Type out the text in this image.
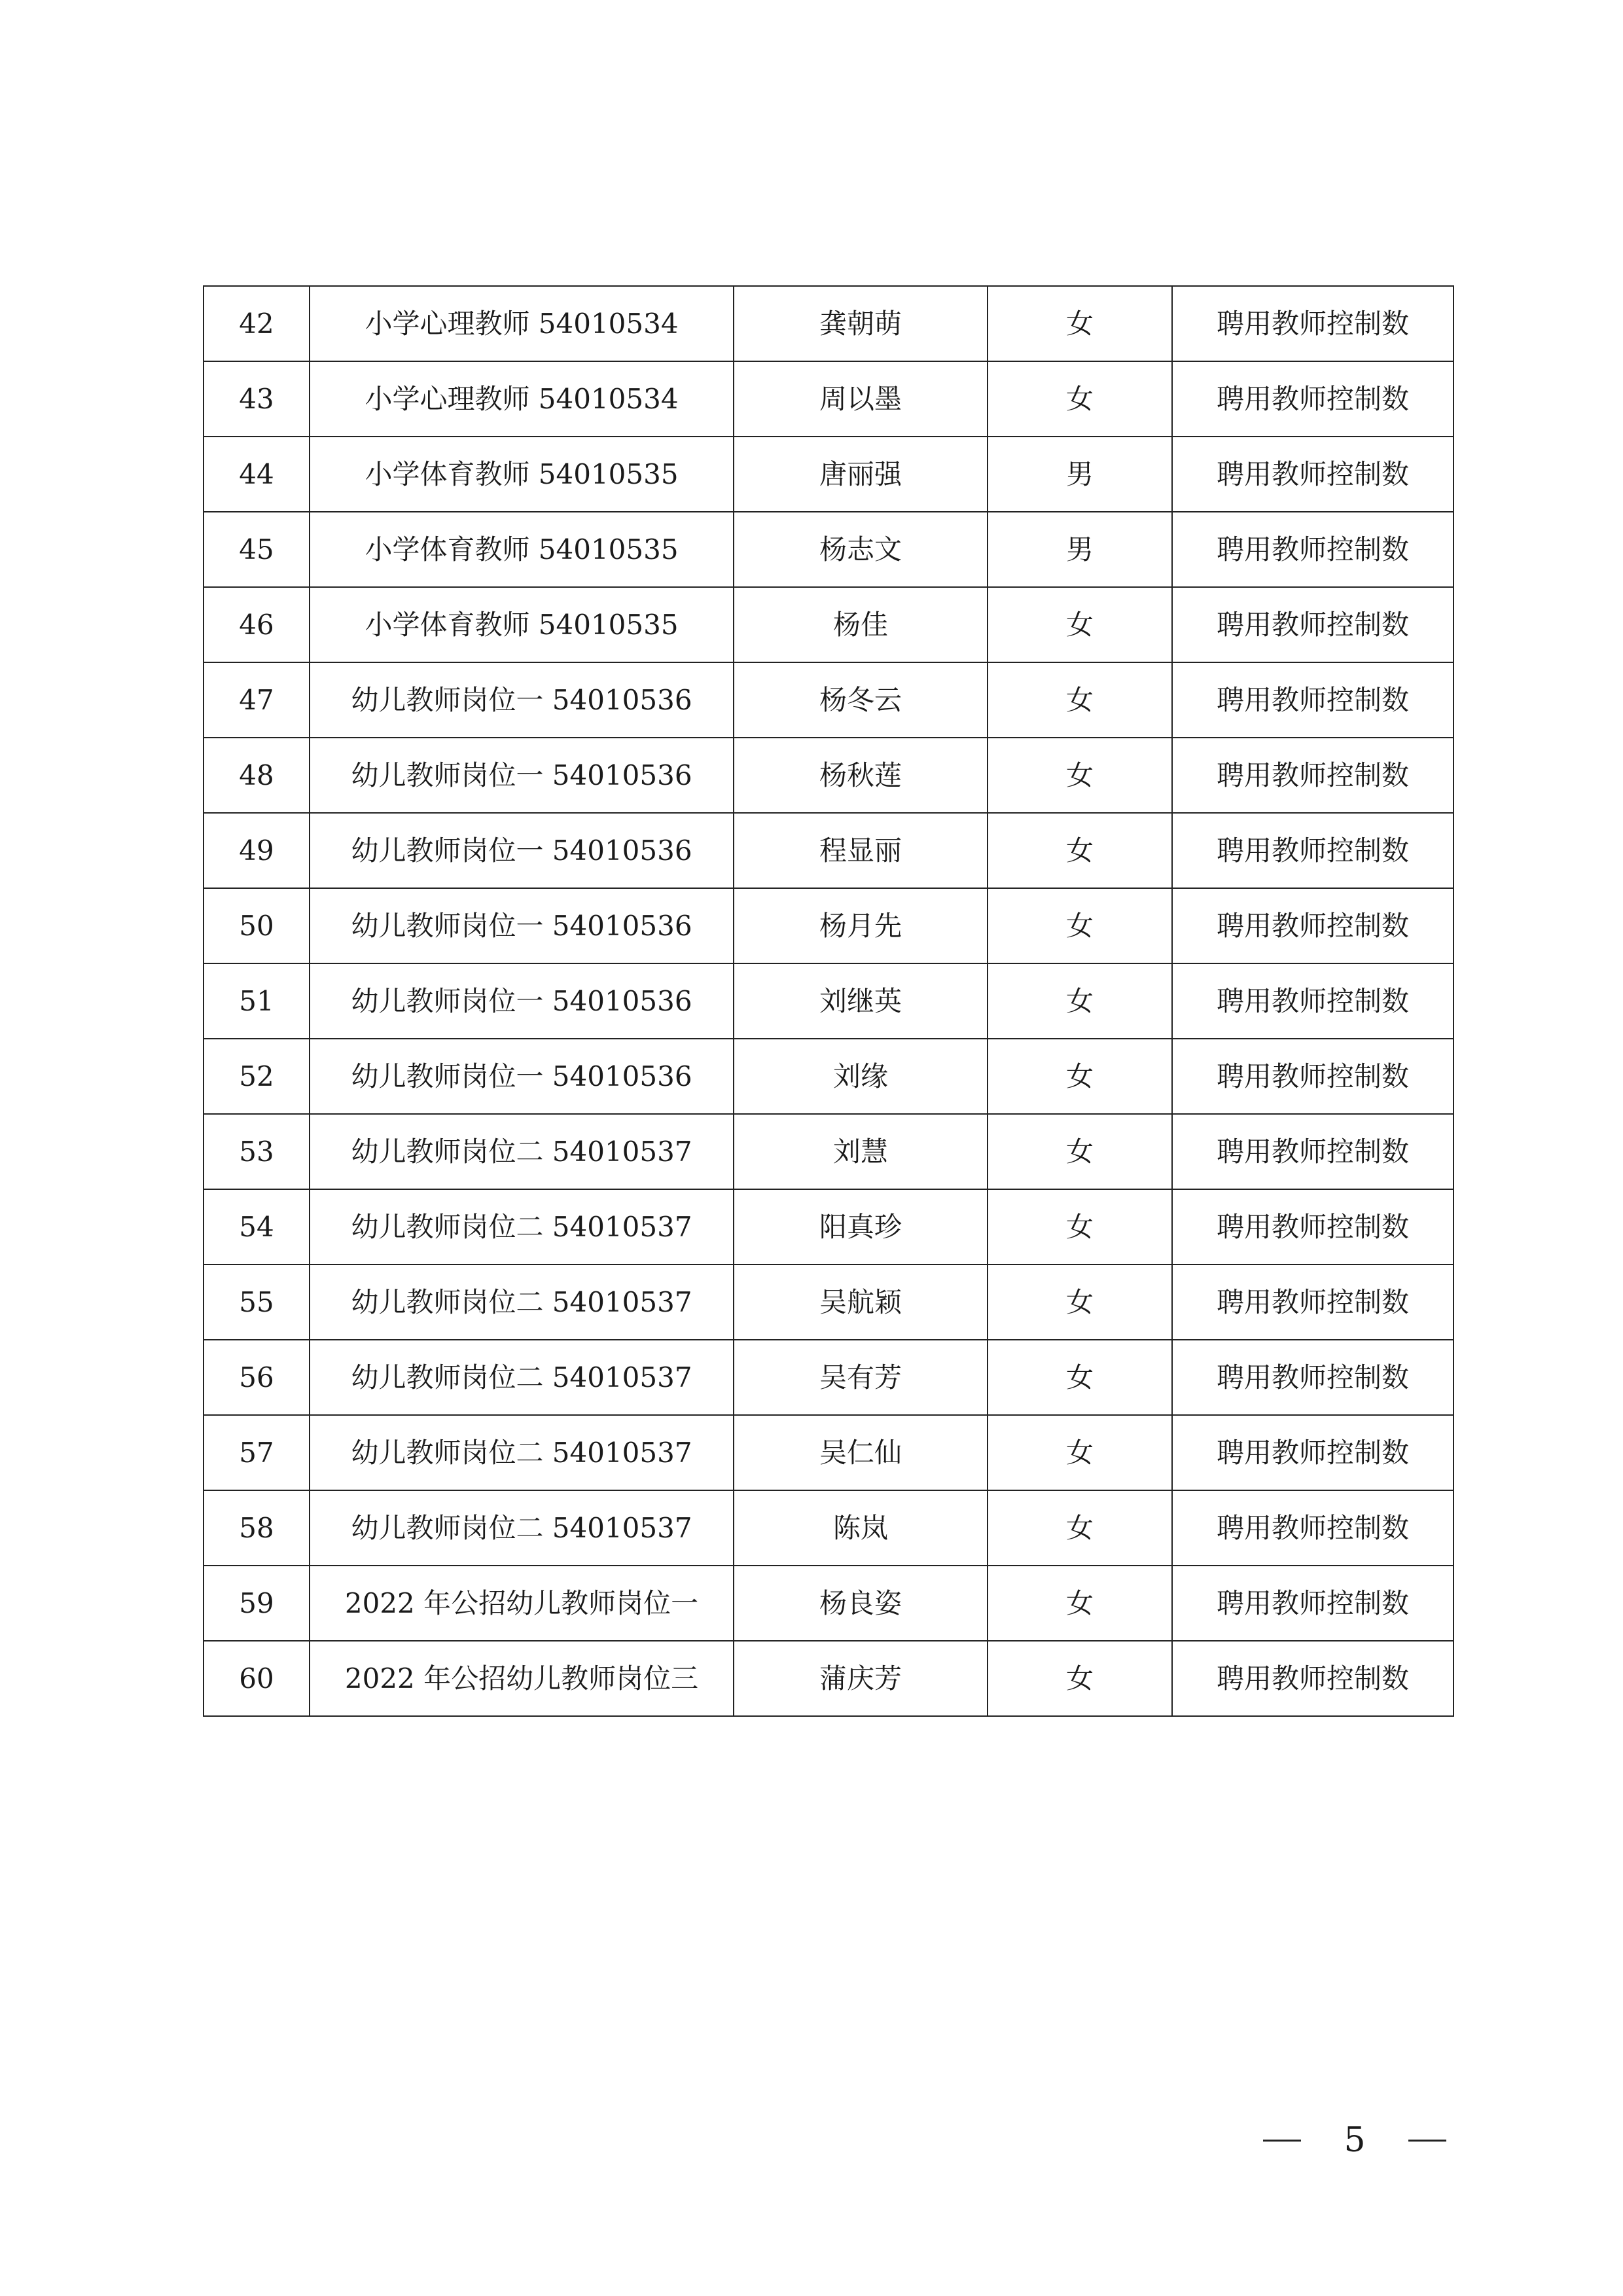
42	小学心理教师 54010534	龚朝萌	女	聘用教师控制数
43	小学心理教师 54010534	周以墨	女	聘用教师控制数
44	小学体育教师 54010535	唐丽强	男	聘用教师控制数
45	小学体育教师 54010535	杨志文	男	聘用教师控制数
46	小学体育教师 54010535	杨佳	女	聘用教师控制数
47	幼儿教师岗位一 54010536	杨冬云	女	聘用教师控制数
48	幼儿教师岗位一 54010536	杨秋莲	女	聘用教师控制数
49	幼儿教师岗位一 54010536	程显丽	女	聘用教师控制数
50	幼儿教师岗位一 54010536	杨月先	女	聘用教师控制数
51	幼儿教师岗位一 54010536	刘继英	女	聘用教师控制数
52	幼儿教师岗位一 54010536	刘缘	女	聘用教师控制数
53	幼儿教师岗位二 54010537	刘慧	女	聘用教师控制数
54	幼儿教师岗位二 54010537	阳真珍	女	聘用教师控制数
55	幼儿教师岗位二 54010537	吴航颖	女	聘用教师控制数
56	幼儿教师岗位二 54010537	吴有芳	女	聘用教师控制数
57	幼儿教师岗位二 54010537	吴仁仙	女	聘用教师控制数
58	幼儿教师岗位二 54010537	陈岚	女	聘用教师控制数
59	2022 年公招幼儿教师岗位一	杨良姿	女	聘用教师控制数
60	2022 年公招幼儿教师岗位三	蒲庆芳	女	聘用教师控制数
5
